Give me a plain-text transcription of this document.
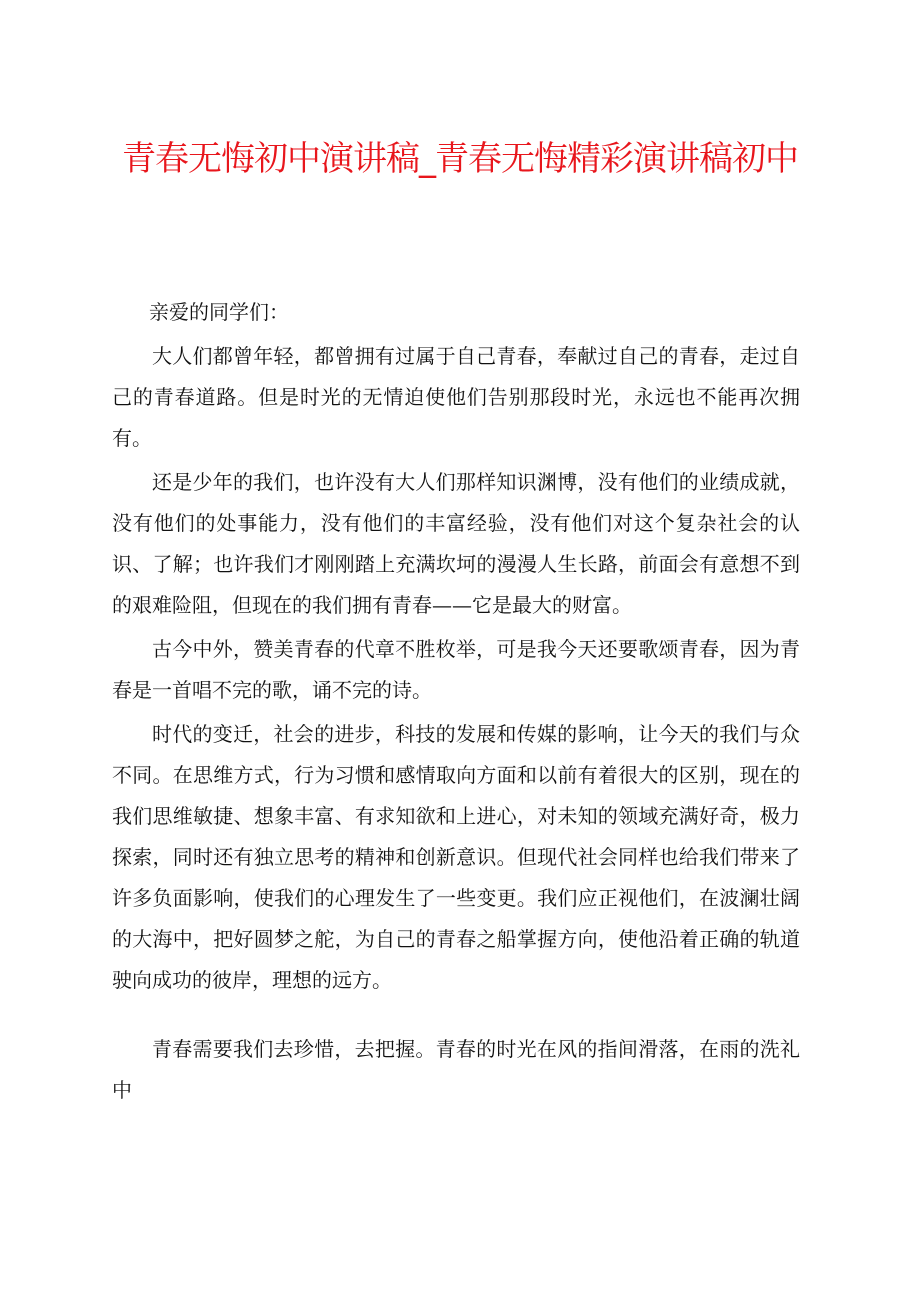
青春无悔初中演讲稿_青春无悔精彩演讲稿初中

亲爱的同学们：

大人们都曾年轻，都曾拥有过属于自己青春，奉献过自己的青春，走过自己的青春道路。但是时光的无情迫使他们告别那段时光，永远也不能再次拥有。

还是少年的我们，也许没有大人们那样知识渊博，没有他们的业绩成就，没有他们的处事能力，没有他们的丰富经验，没有他们对这个复杂社会的认识、了解；也许我们才刚刚踏上充满坎坷的漫漫人生长路，前面会有意想不到的艰难险阻，但现在的我们拥有青春——它是最大的财富。

古今中外，赞美青春的代章不胜枚举，可是我今天还要歌颂青春，因为青春是一首唱不完的歌，诵不完的诗。

时代的变迁，社会的进步，科技的发展和传媒的影响，让今天的我们与众不同。在思维方式，行为习惯和感情取向方面和以前有着很大的区别，现在的我们思维敏捷、想象丰富、有求知欲和上进心，对未知的领域充满好奇，极力探索，同时还有独立思考的精神和创新意识。但现代社会同样也给我们带来了许多负面影响，使我们的心理发生了一些变更。我们应正视他们，在波澜壮阔的大海中，把好圆梦之舵，为自己的青春之船掌握方向，使他沿着正确的轨道驶向成功的彼岸，理想的远方。

青春需要我们去珍惜，去把握。青春的时光在风的指间滑落，在雨的洗礼中
